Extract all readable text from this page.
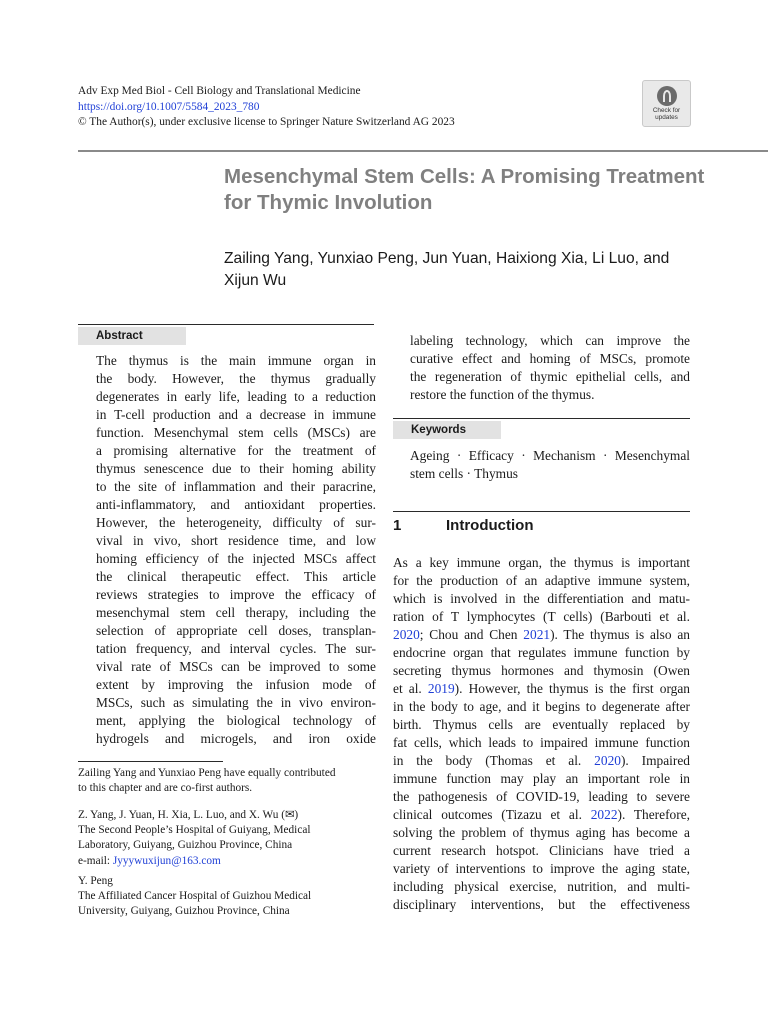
Adv Exp Med Biol - Cell Biology and Translational Medicine
https://doi.org/10.1007/5584_2023_780
© The Author(s), under exclusive license to Springer Nature Switzerland AG 2023
Check for
updates
Mesenchymal Stem Cells: A Promising Treatment for Thymic Involution

Zailing Yang, Yunxiao Peng, Jun Yuan, Haixiong Xia, Li Luo, and Xijun Wu

Abstract
The thymus is the main immune organ in
the body. However, the thymus gradually
degenerates in early life, leading to a reduction
in T-cell production and a decrease in immune
function. Mesenchymal stem cells (MSCs) are
a promising alternative for the treatment of
thymus senescence due to their homing ability
to the site of inflammation and their paracrine,
anti-inflammatory, and antioxidant properties.
However, the heterogeneity, difficulty of sur-
vival in vivo, short residence time, and low
homing efficiency of the injected MSCs affect
the clinical therapeutic effect. This article
reviews strategies to improve the efficacy of
mesenchymal stem cell therapy, including the
selection of appropriate cell doses, transplan-
tation frequency, and interval cycles. The sur-
vival rate of MSCs can be improved to some
extent by improving the infusion mode of
MSCs, such as simulating the in vivo environ-
ment, applying the biological technology of
hydrogels and microgels, and iron oxide
Zailing Yang and Yunxiao Peng have equally contributed
to this chapter and are co-first authors.
Z. Yang, J. Yuan, H. Xia, L. Luo, and X. Wu (✉)
The Second People’s Hospital of Guiyang, Medical
Laboratory, Guiyang, Guizhou Province, China
e-mail: Jyyywuxijun@163.com
Y. Peng
The Affiliated Cancer Hospital of Guizhou Medical
University, Guiyang, Guizhou Province, China
labeling technology, which can improve the
curative effect and homing of MSCs, promote
the regeneration of thymic epithelial cells, and
restore the function of the thymus.
Keywords
Ageing · Efficacy · Mechanism · Mesenchymal
stem cells · Thymus
1	Introduction
As a key immune organ, the thymus is important
for the production of an adaptive immune system,
which is involved in the differentiation and matu-
ration of T lymphocytes (T cells) (Barbouti et al.
2020; Chou and Chen 2021). The thymus is also an
endocrine organ that regulates immune function by
secreting thymus hormones and thymosin (Owen
et al. 2019). However, the thymus is the first organ
in the body to age, and it begins to degenerate after
birth. Thymus cells are eventually replaced by
fat cells, which leads to impaired immune function
in the body (Thomas et al. 2020). Impaired
immune function may play an important role in
the pathogenesis of COVID-19, leading to severe
clinical outcomes (Tizazu et al. 2022). Therefore,
solving the problem of thymus aging has become a
current research hotspot. Clinicians have tried a
variety of interventions to improve the aging state,
including physical exercise, nutrition, and multi-
disciplinary interventions, but the effectiveness
